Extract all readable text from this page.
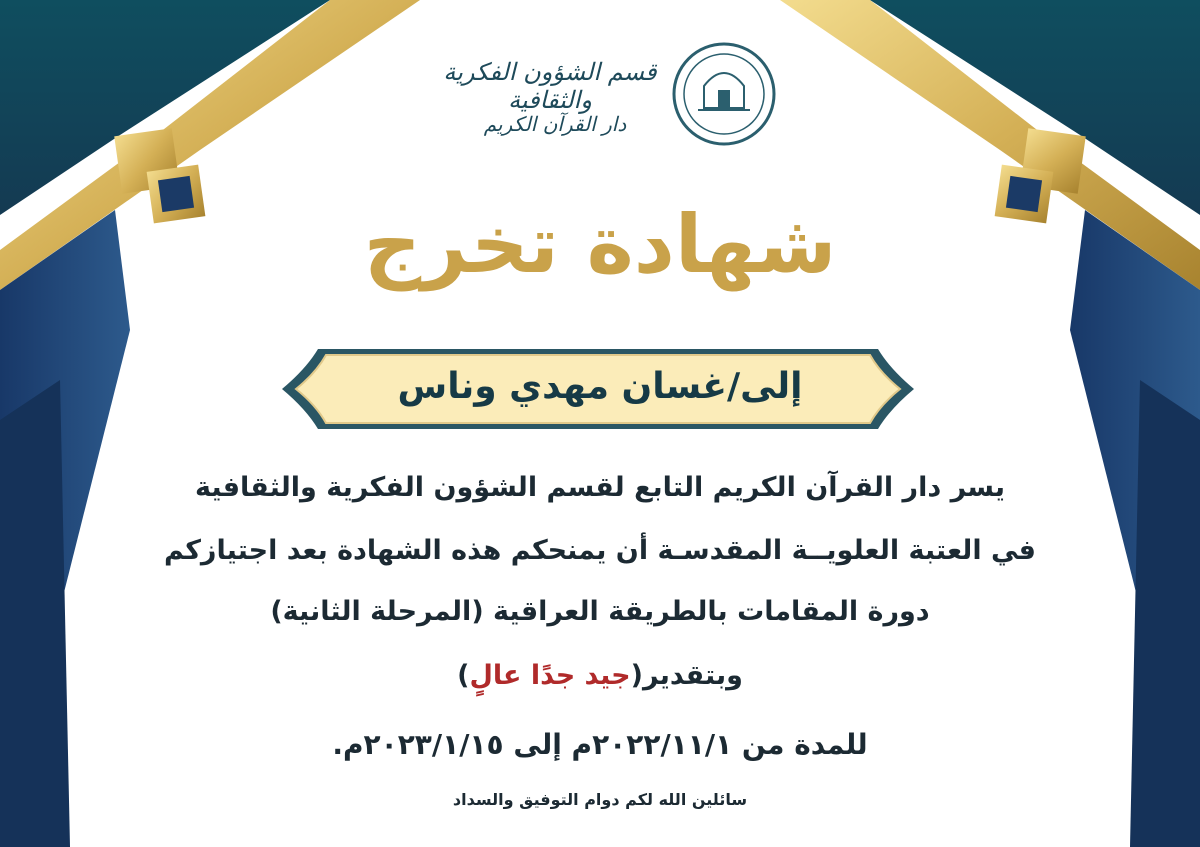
قسم الشؤون الفكرية والثقافية
دار القرآن الكريم
شهادة تخرج
إلى/غسان مهدي وناس
يسر دار القرآن الكريم التابع لقسم الشؤون الفكرية والثقافية
في العتبة العلويــة المقدسـة أن يمنحكم هذه الشهادة بعد اجتيازكم
دورة المقامات بالطريقة العراقية (المرحلة الثانية)
وبتقدير(جيد جدًا عالٍ)
للمدة من ٢٠٢٢/١١/١م إلى ٢٠٢٣/١/١٥م.
سائلين الله لكم دوام التوفيق والسداد
